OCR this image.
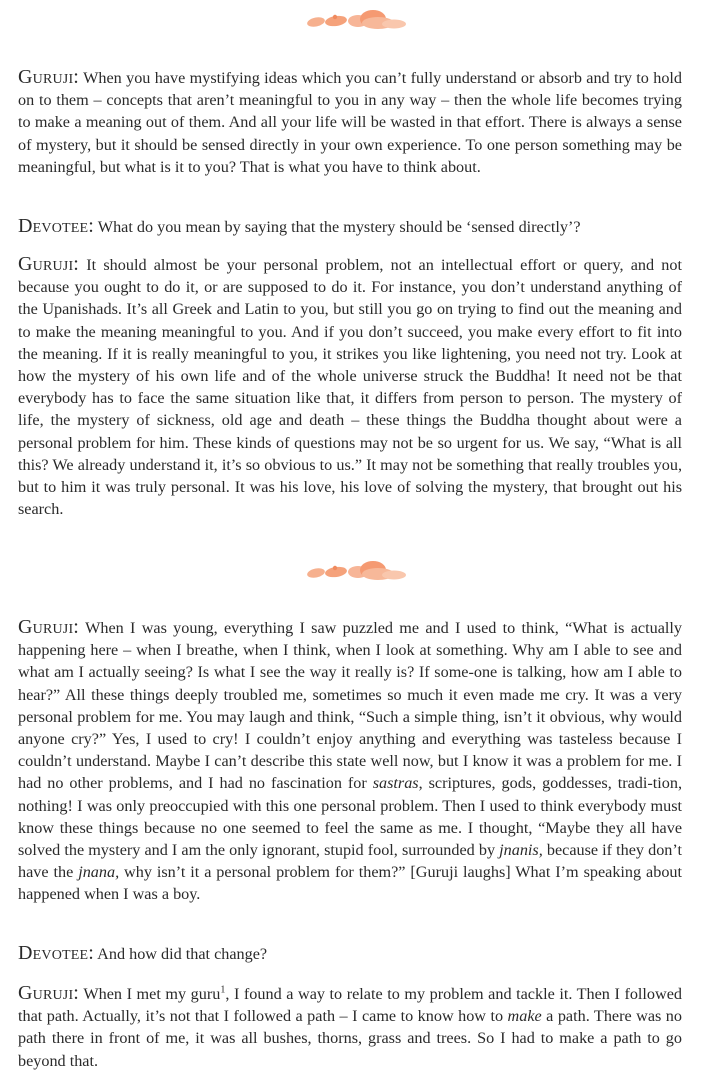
Guruji: When you have mystifying ideas which you can’t fully understand or absorb and try to hold on to them – concepts that aren’t meaningful to you in any way – then the whole life becomes trying to make a meaning out of them. And all your life will be wasted in that effort. There is always a sense of mystery, but it should be sensed directly in your own experience. To one person something may be meaningful, but what is it to you? That is what you have to think about.
Devotee: What do you mean by saying that the mystery should be ‘sensed directly’?
Guruji: It should almost be your personal problem, not an intellectual effort or query, and not because you ought to do it, or are supposed to do it. For instance, you don’t understand anything of the Upanishads. It’s all Greek and Latin to you, but still you go on trying to find out the meaning and to make the meaning meaningful to you. And if you don’t succeed, you make every effort to fit into the meaning. If it is really meaningful to you, it strikes you like lightening, you need not try. Look at how the mystery of his own life and of the whole universe struck the Buddha! It need not be that everybody has to face the same situation like that, it differs from person to person. The mystery of life, the mystery of sickness, old age and death – these things the Buddha thought about were a personal problem for him. These kinds of questions may not be so urgent for us. We say, “What is all this? We already understand it, it’s so obvious to us.” It may not be something that really troubles you, but to him it was truly personal. It was his love, his love of solving the mystery, that brought out his search.
Guruji: When I was young, everything I saw puzzled me and I used to think, “What is actually happening here – when I breathe, when I think, when I look at something. Why am I able to see and what am I actually seeing? Is what I see the way it really is? If some-one is talking, how am I able to hear?” All these things deeply troubled me, sometimes so much it even made me cry. It was a very personal problem for me. You may laugh and think, “Such a simple thing, isn’t it obvious, why would anyone cry?” Yes, I used to cry! I couldn’t enjoy anything and everything was tasteless because I couldn’t understand. Maybe I can’t describe this state well now, but I know it was a problem for me. I had no other problems, and I had no fascination for sastras, scriptures, gods, goddesses, tradi-tion, nothing! I was only preoccupied with this one personal problem. Then I used to think everybody must know these things because no one seemed to feel the same as me. I thought, “Maybe they all have solved the mystery and I am the only ignorant, stupid fool, surrounded by jnanis, because if they don’t have the jnana, why isn’t it a personal problem for them?” [Guruji laughs] What I’m speaking about happened when I was a boy.
Devotee: And how did that change?
Guruji: When I met my guru$^1$, I found a way to relate to my problem and tackle it. Then I followed that path. Actually, it’s not that I followed a path – I came to know how to make a path. There was no path there in front of me, it was all bushes, thorns, grass and trees. So I had to make a path to go beyond that.
